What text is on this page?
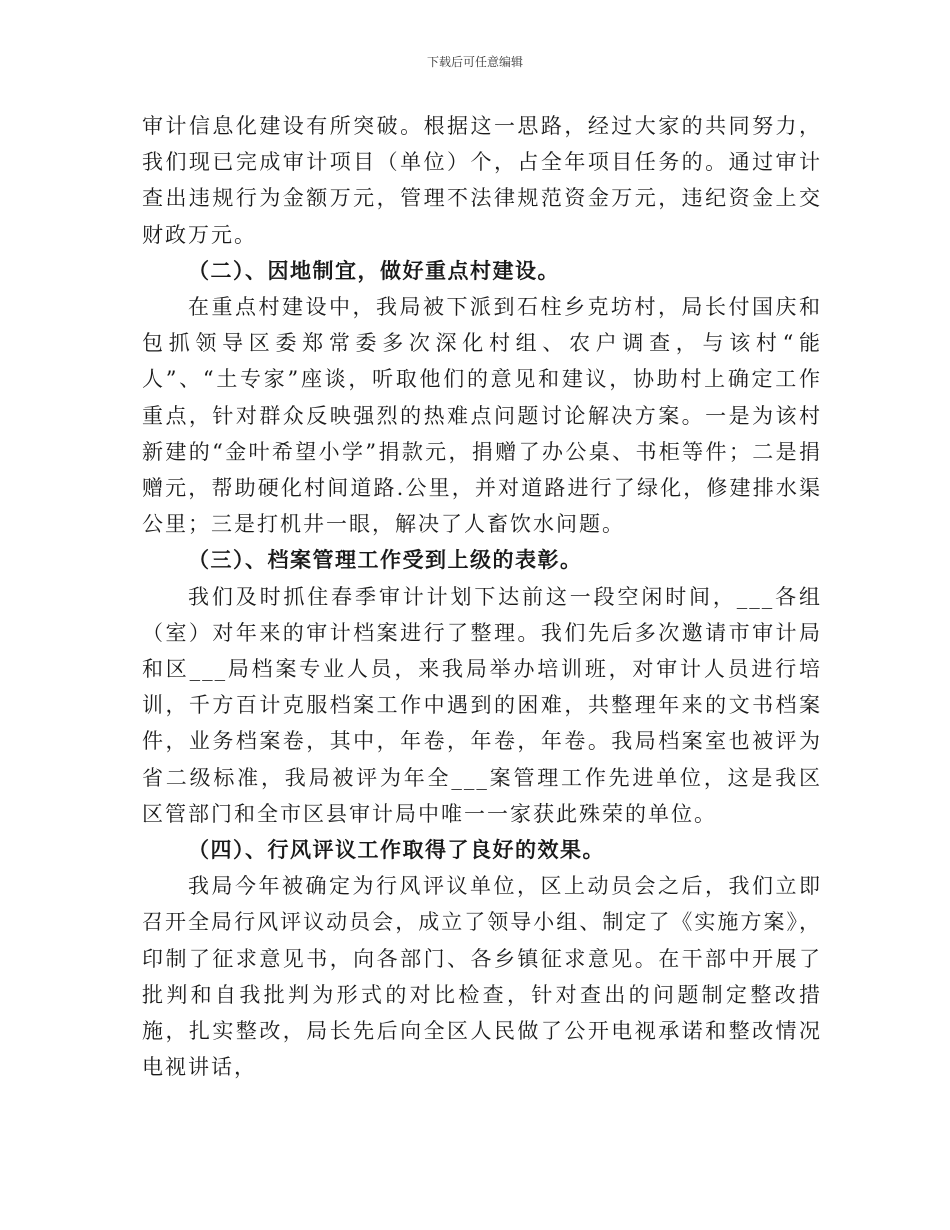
下载后可任意编辑

审计信息化建设有所突破。根据这一思路，经过大家的共同努力，我们现已完成审计项目（单位）个，占全年项目任务的。通过审计查出违规行为金额万元，管理不法律规范资金万元，违纪资金上交财政万元。

（二）、因地制宜，做好重点村建设。

在重点村建设中，我局被下派到石柱乡克坊村，局长付国庆和包抓领导区委郑常委多次深化村组、农户调查，与该村“能人”、“土专家”座谈，听取他们的意见和建议，协助村上确定工作重点，针对群众反映强烈的热难点问题讨论解决方案。一是为该村新建的“金叶希望小学”捐款元，捐赠了办公桌、书柜等件；二是捐赠元，帮助硬化村间道路.公里，并对道路进行了绿化，修建排水渠公里；三是打机井一眼，解决了人畜饮水问题。

（三）、档案管理工作受到上级的表彰。

我们及时抓住春季审计计划下达前这一段空闲时间，___各组（室）对年来的审计档案进行了整理。我们先后多次邀请市审计局和区___局档案专业人员，来我局举办培训班，对审计人员进行培训，千方百计克服档案工作中遇到的困难，共整理年来的文书档案件，业务档案卷，其中，年卷，年卷，年卷。我局档案室也被评为省二级标准，我局被评为年全___案管理工作先进单位，这是我区区管部门和全市区县审计局中唯一一家获此殊荣的单位。

（四）、行风评议工作取得了良好的效果。

我局今年被确定为行风评议单位，区上动员会之后，我们立即召开全局行风评议动员会，成立了领导小组、制定了《实施方案》，印制了征求意见书，向各部门、各乡镇征求意见。在干部中开展了批判和自我批判为形式的对比检查，针对查出的问题制定整改措施，扎实整改，局长先后向全区人民做了公开电视承诺和整改情况电视讲话，
